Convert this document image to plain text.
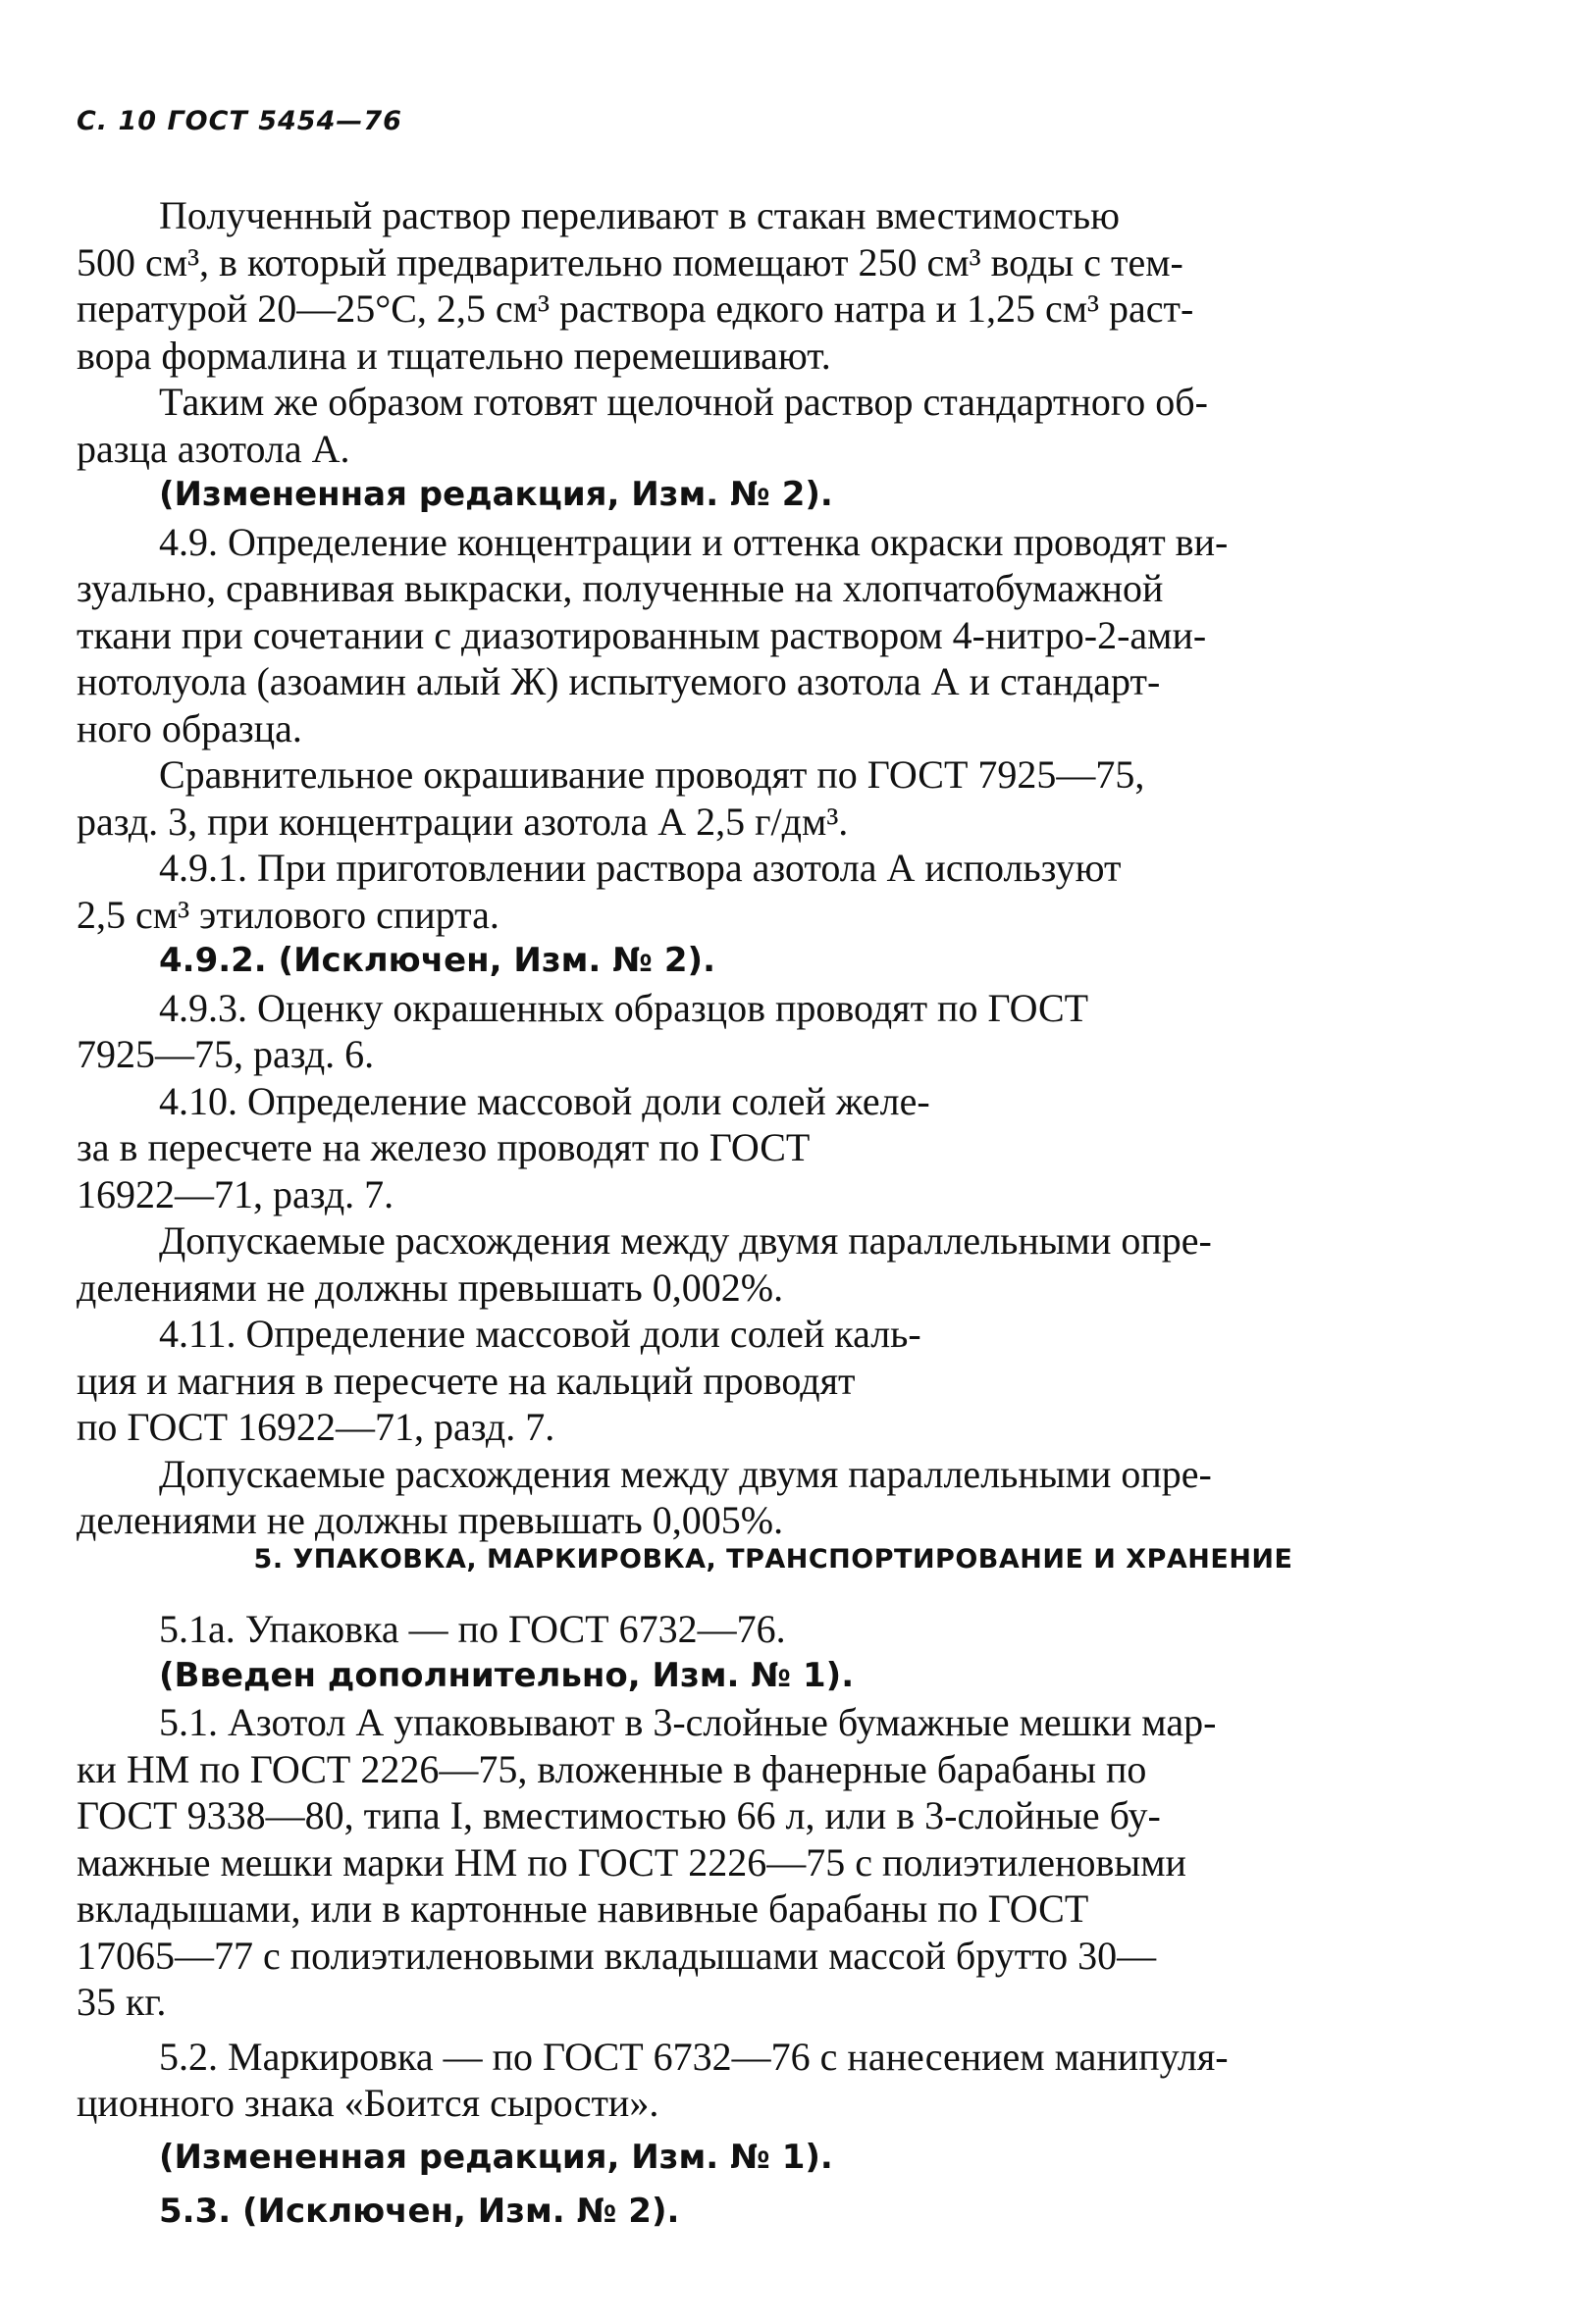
С. 10 ГОСТ 5454—76
Полученный раствор переливают в стакан вместимостью
500 см³, в который предварительно помещают 250 см³ воды с тем-
пературой 20—25°С, 2,5 см³ раствора едкого натра и 1,25 см³ раст-
вора формалина и тщательно перемешивают.
Таким же образом готовят щелочной раствор стандартного об-
разца азотола А.
(Измененная редакция, Изм. № 2).
4.9. Определение концентрации и оттенка окраски проводят ви-
зуально, сравнивая выкраски, полученные на хлопчатобумажной
ткани при сочетании с диазотированным раствором 4-нитро-2-ами-
нотолуола (азоамин алый Ж) испытуемого азотола А и стандарт-
ного образца.
Сравнительное окрашивание проводят по ГОСТ 7925—75,
разд. 3, при концентрации азотола А 2,5 г/дм³.
4.9.1. При приготовлении раствора азотола А используют
2,5 см³ этилового спирта.
4.9.2. (Исключен, Изм. № 2).
4.9.3. Оценку окрашенных образцов проводят по ГОСТ
7925—75, разд. 6.
4.10. Определение массовой доли солей желе-
за в пересчете на железо проводят по ГОСТ
16922—71, разд. 7.
Допускаемые расхождения между двумя параллельными опре-
делениями не должны превышать 0,002%.
4.11. Определение массовой доли солей каль-
ция и магния в пересчете на кальций проводят
по ГОСТ 16922—71, разд. 7.
Допускаемые расхождения между двумя параллельными опре-
делениями не должны превышать 0,005%.
5. УПАКОВКА, МАРКИРОВКА, ТРАНСПОРТИРОВАНИЕ И ХРАНЕНИЕ
5.1а. Упаковка — по ГОСТ 6732—76.
(Введен дополнительно, Изм. № 1).
5.1. Азотол А упаковывают в 3-слойные бумажные мешки мар-
ки НМ по ГОСТ 2226—75, вложенные в фанерные барабаны по
ГОСТ 9338—80, типа I, вместимостью 66 л, или в 3-слойные бу-
мажные мешки марки НМ по ГОСТ 2226—75 с полиэтиленовыми
вкладышами, или в картонные навивные барабаны по ГОСТ
17065—77 с полиэтиленовыми вкладышами массой брутто 30—
35 кг.
5.2. Маркировка — по ГОСТ 6732—76 с нанесением манипуля-
ционного знака «Боится сырости».
(Измененная редакция, Изм. № 1).
5.3. (Исключен, Изм. № 2).
